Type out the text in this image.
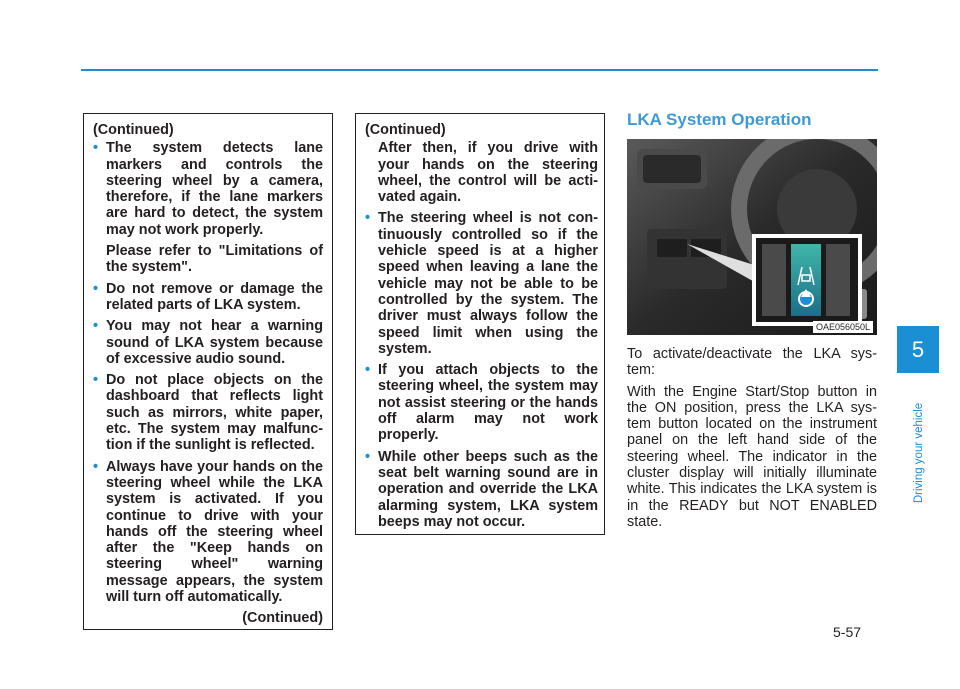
(Continued)
• The system detects lane markers and controls the steering wheel by a camera, therefore, if the lane markers are hard to detect, the system may not work properly.
Please refer to "Limitations of the system".
• Do not remove or damage the related parts of LKA system.
• You may not hear a warning sound of LKA system because of excessive audio sound.
• Do not place objects on the dashboard that reflects light such as mirrors, white paper, etc. The system may malfunc-tion if the sunlight is reflected.
• Always have your hands on the steering wheel while the LKA system is activated. If you continue to drive with your hands off the steering wheel after the "Keep hands on steering wheel" warning message appears, the system will turn off automatically.
(Continued)
(Continued)
After then, if you drive with your hands on the steering wheel, the control will be acti-vated again.
• The steering wheel is not con-tinuously controlled so if the vehicle speed is at a higher speed when leaving a lane the vehicle may not be able to be controlled by the system. The driver must always follow the speed limit when using the system.
• If you attach objects to the steering wheel, the system may not assist steering or the hands off alarm may not work properly.
• While other beeps such as the seat belt warning sound are in operation and override the LKA alarming system, LKA system beeps may not occur.
LKA System Operation
OAE056050L

To activate/deactivate the LKA sys-tem:

With the Engine Start/Stop button in the ON position, press the LKA sys-tem button located on the instrument panel on the left hand side of the steering wheel. The indicator in the cluster display will initially illuminate white. This indicates the LKA system is in the READY but NOT ENABLED state.

5
Driving your vehicle
5-57
